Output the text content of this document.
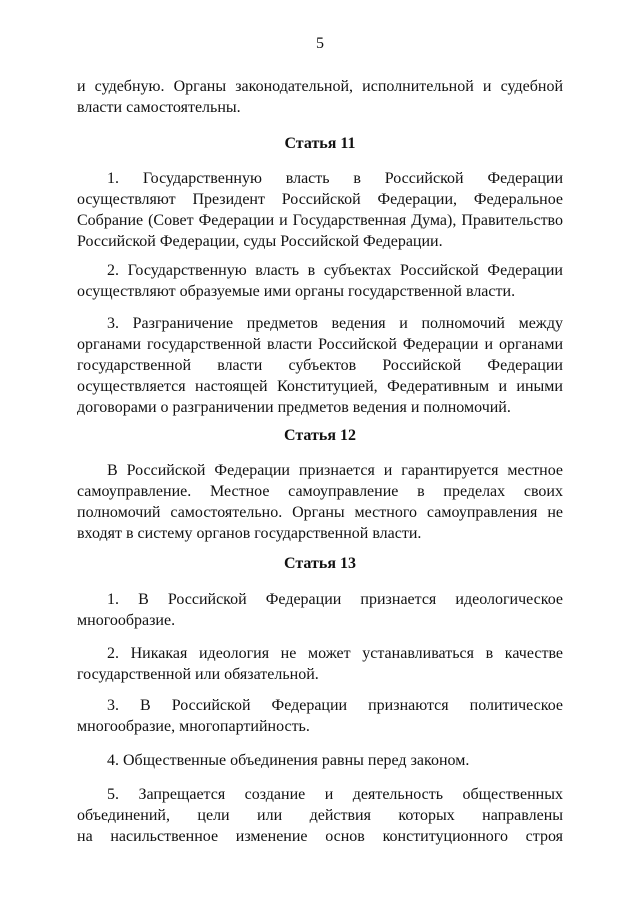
5
и судебную. Органы законодательной, исполнительной и судебной
власти самостоятельны.
Статья 11
1. Государственную власть в Российской Федерации
осуществляют Президент Российской Федерации, Федеральное
Собрание (Совет Федерации и Государственная Дума), Правительство
Российской Федерации, суды Российской Федерации.
2. Государственную власть в субъектах Российской Федерации
осуществляют образуемые ими органы государственной власти.
3. Разграничение предметов ведения и полномочий между
органами государственной власти Российской Федерации и органами
государственной власти субъектов Российской Федерации
осуществляется настоящей Конституцией, Федеративным и иными
договорами о разграничении предметов ведения и полномочий.
Статья 12
В Российской Федерации признается и гарантируется местное
самоуправление. Местное самоуправление в пределах своих
полномочий самостоятельно. Органы местного самоуправления не
входят в систему органов государственной власти.
Статья 13
1. В Российской Федерации признается идеологическое
многообразие.
2. Никакая идеология не может устанавливаться в качестве
государственной или обязательной.
3. В Российской Федерации признаются политическое
многообразие, многопартийность.
4. Общественные объединения равны перед законом.
5. Запрещается создание и деятельность общественных
объединений, цели или действия которых направлены
на насильственное изменение основ конституционного строя
